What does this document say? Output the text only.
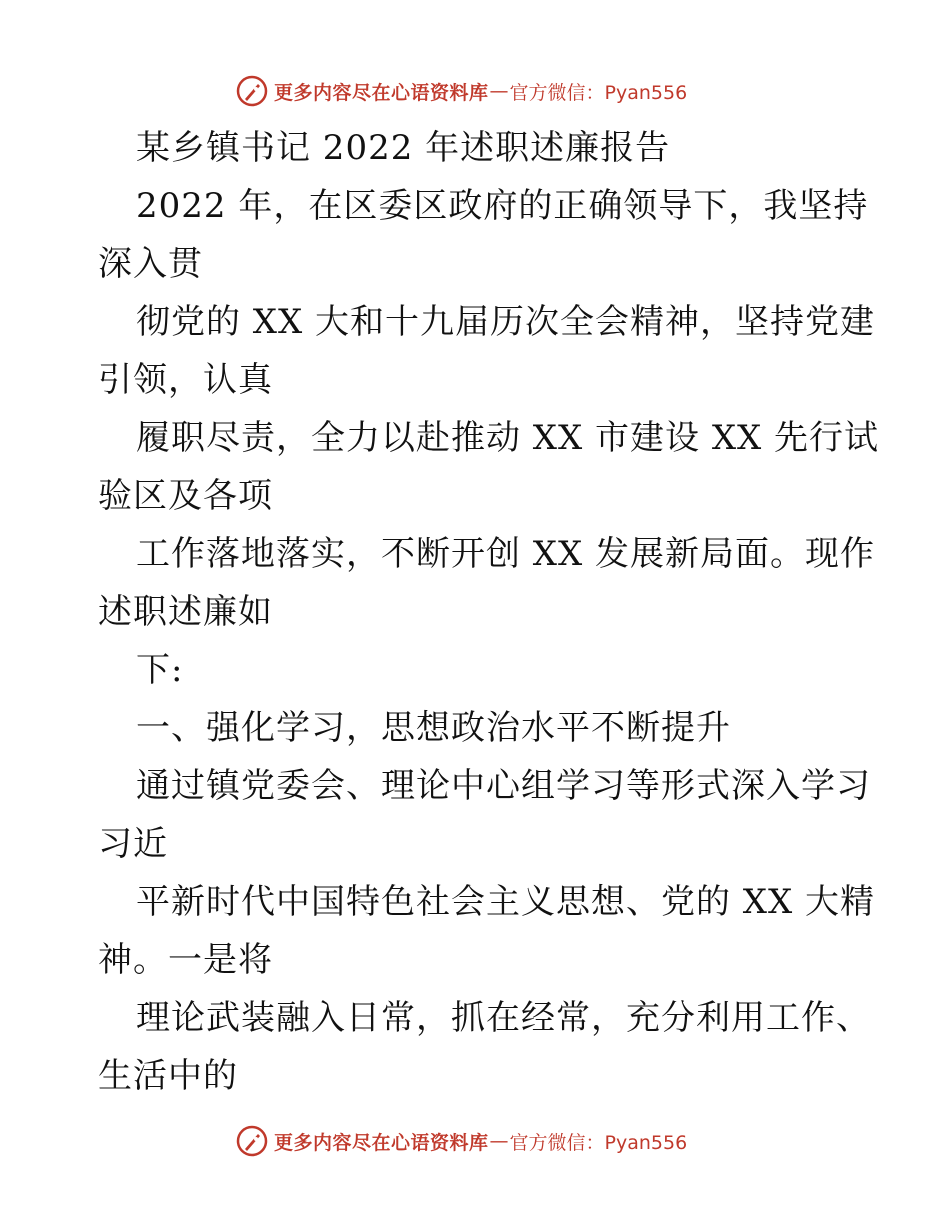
更多内容尽在心语资料库 — 官方微信：Pyan556
某乡镇书记 2022 年述职述廉报告
2022 年，在区委区政府的正确领导下，我坚持
深入贯
彻党的 XX 大和十九届历次全会精神，坚持党建
引领，认真
履职尽责，全力以赴推动 XX 市建设 XX 先行试
验区及各项
工作落地落实，不断开创 XX 发展新局面。现作
述职述廉如
下:
一、强化学习，思想政治水平不断提升
通过镇党委会、理论中心组学习等形式深入学习
习近
平新时代中国特色社会主义思想、党的 XX 大精
神。一是将
理论武装融入日常，抓在经常，充分利用工作、
生活中的
更多内容尽在心语资料库 — 官方微信：Pyan556
